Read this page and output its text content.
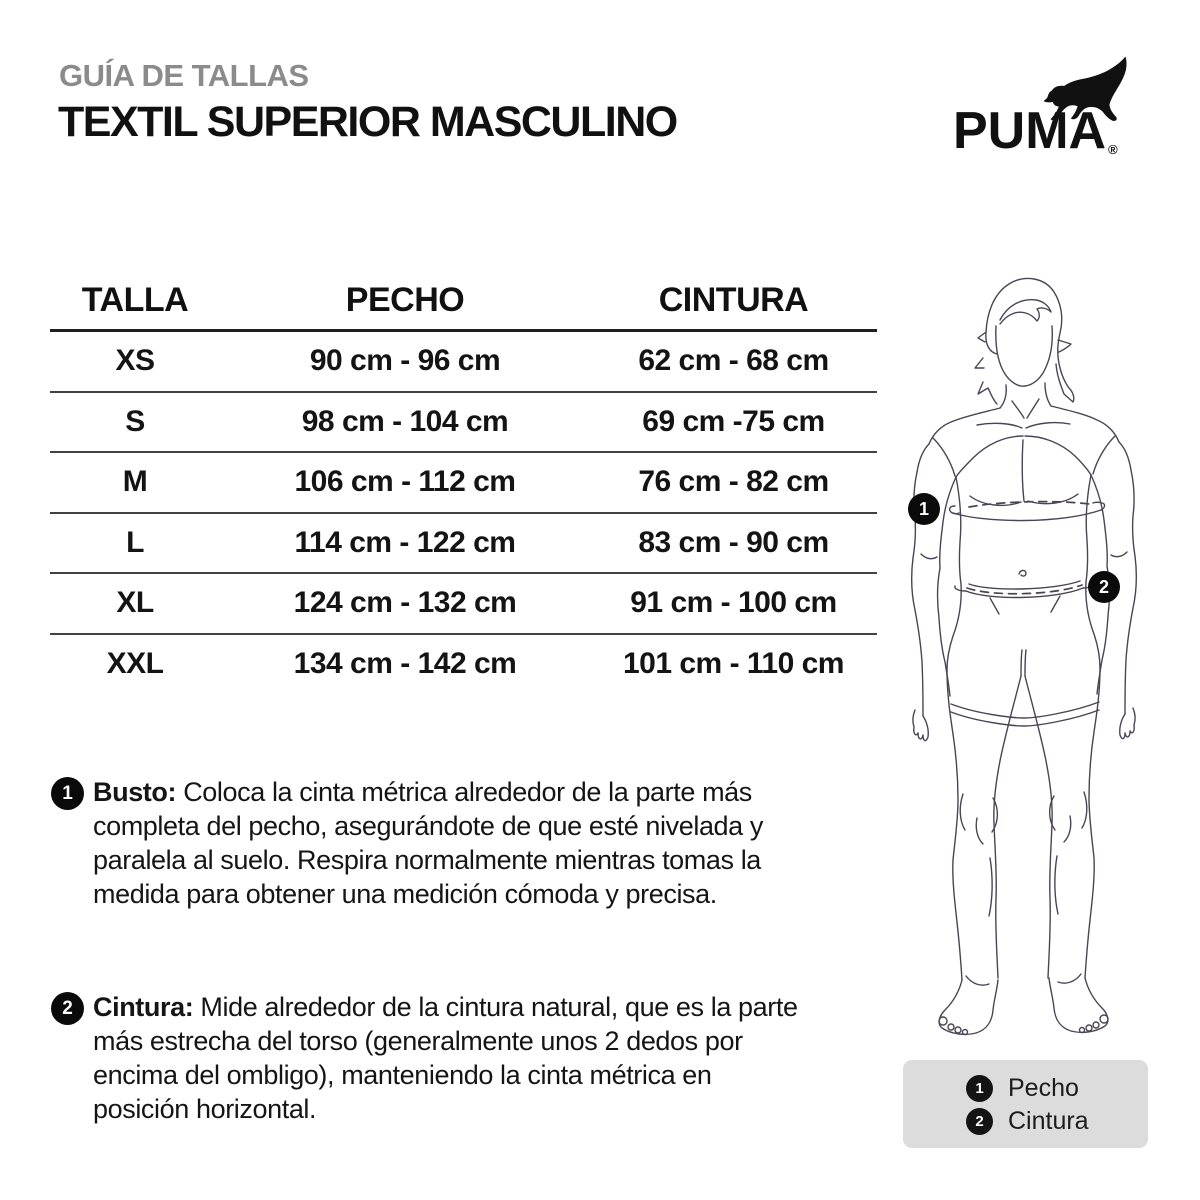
GUÍA DE TALLAS
TEXTIL SUPERIOR MASCULINO	PUMA ®
TALLA	PECHO	CINTURA
XS	90 cm - 96 cm	62 cm - 68 cm
S	98 cm - 104 cm	69 cm -75 cm
M	106 cm - 112 cm	76 cm - 82 cm
L	114 cm - 122 cm	83 cm - 90 cm
XL	124 cm - 132 cm	91 cm - 100 cm
XXL	134 cm - 142 cm	101 cm - 110 cm
1 Busto: Coloca la cinta métrica alrededor de la parte más completa del pecho, asegurándote de que esté nivelada y paralela al suelo. Respira normalmente mientras tomas la medida para obtener una medición cómoda y precisa.
2 Cintura: Mide alrededor de la cintura natural, que es la parte más estrecha del torso (generalmente unos 2 dedos por encima del ombligo), manteniendo la cinta métrica en posición horizontal.
1
2
1 Pecho
2 Cintura
